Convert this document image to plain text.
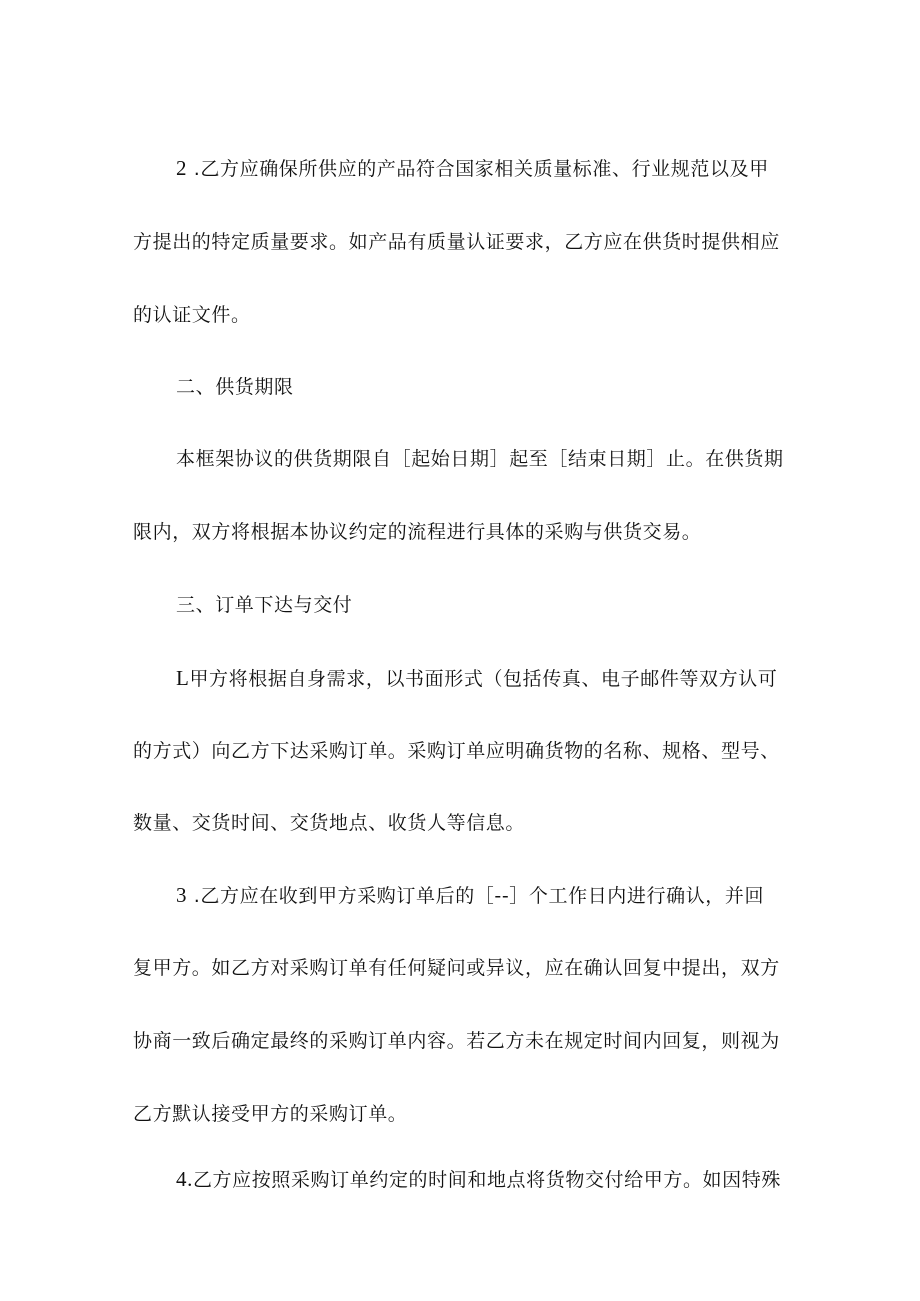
2 .乙方应确保所供应的产品符合国家相关质量标准、行业规范以及甲

方提出的特定质量要求。如产品有质量认证要求，乙方应在供货时提供相应

的认证文件。

二、供货期限

本框架协议的供货期限自［起始日期］起至［结束日期］止。在供货期

限内，双方将根据本协议约定的流程进行具体的采购与供货交易。

三、订单下达与交付

L甲方将根据自身需求，以书面形式（包括传真、电子邮件等双方认可

的方式）向乙方下达采购订单。采购订单应明确货物的名称、规格、型号、

数量、交货时间、交货地点、收货人等信息。

3 .乙方应在收到甲方采购订单后的［--］个工作日内进行确认，并回

复甲方。如乙方对采购订单有任何疑问或异议，应在确认回复中提出，双方

协商一致后确定最终的采购订单内容。若乙方未在规定时间内回复，则视为

乙方默认接受甲方的采购订单。

4.乙方应按照采购订单约定的时间和地点将货物交付给甲方。如因特殊
